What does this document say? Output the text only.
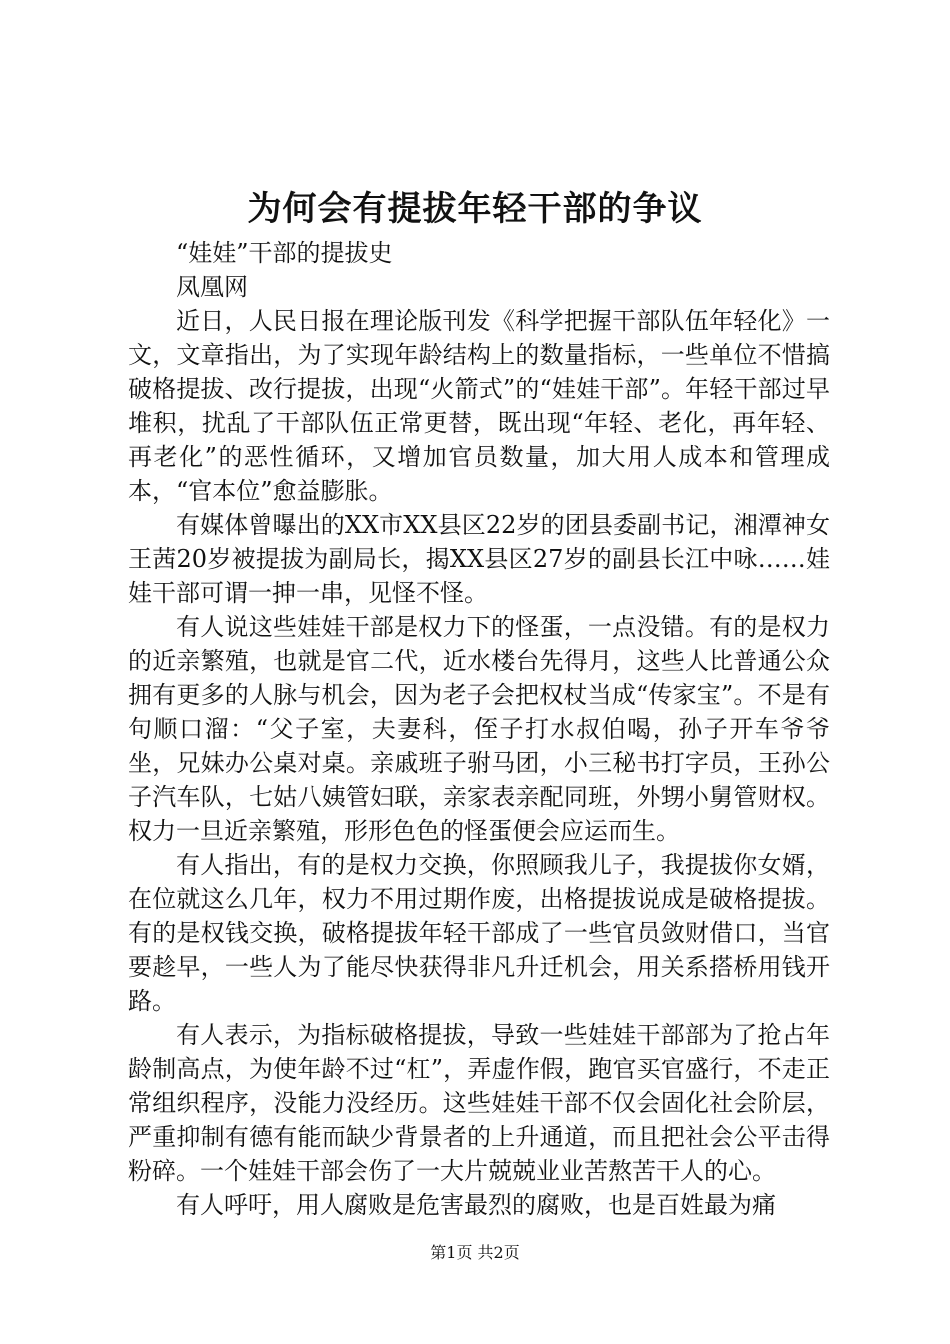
为何会有提拔年轻干部的争议

“娃娃”干部的提拔史

凤凰网

近日，人民日报在理论版刊发《科学把握干部队伍年轻化》一文，文章指出，为了实现年龄结构上的数量指标，一些单位不惜搞破格提拔、改行提拔，出现“火箭式”的“娃娃干部”。年轻干部过早堆积，扰乱了干部队伍正常更替，既出现“年轻、老化，再年轻、再老化”的恶性循环，又增加官员数量，加大用人成本和管理成本，“官本位”愈益膨胀。

有媒体曾曝出的XX市XX县区22岁的团县委副书记，湘潭神女王茜20岁被提拔为副局长，揭XX县区27岁的副县长江中咏……娃娃干部可谓一抻一串，见怪不怪。

有人说这些娃娃干部是权力下的怪蛋，一点没错。有的是权力的近亲繁殖，也就是官二代，近水楼台先得月，这些人比普通公众拥有更多的人脉与机会，因为老子会把权杖当成“传家宝”。不是有句顺口溜：“父子室，夫妻科，侄子打水叔伯喝，孙子开车爷爷坐，兄妹办公桌对桌。亲戚班子驸马团，小三秘书打字员，王孙公子汽车队，七姑八姨管妇联，亲家表亲配同班，外甥小舅管财权。权力一旦近亲繁殖，形形色色的怪蛋便会应运而生。

有人指出，有的是权力交换，你照顾我儿子，我提拔你女婿，在位就这么几年，权力不用过期作废，出格提拔说成是破格提拔。有的是权钱交换，破格提拔年轻干部成了一些官员敛财借口，当官要趁早，一些人为了能尽快获得非凡升迁机会，用关系搭桥用钱开路。

有人表示，为指标破格提拔，导致一些娃娃干部部为了抢占年龄制高点，为使年龄不过“杠”，弄虚作假，跑官买官盛行，不走正常组织程序，没能力没经历。这些娃娃干部不仅会固化社会阶层，严重抑制有德有能而缺少背景者的上升通道，而且把社会公平击得粉碎。一个娃娃干部会伤了一大片兢兢业业苦熬苦干人的心。

有人呼吁，用人腐败是危害最烈的腐败，也是百姓最为痛

第1页 共2页
